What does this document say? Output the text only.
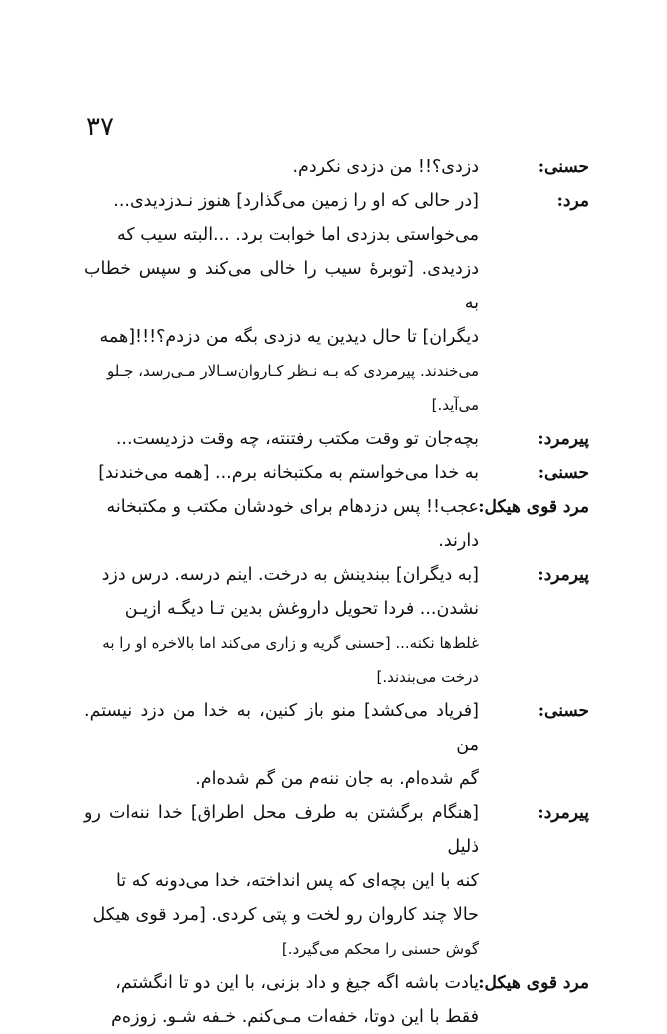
۳۷
حسنی:
دزدی؟!! من دزدی نکردم.
مرد:
[در حالی که او را زمین می‌گذارد] هنوز نـدزدیدی...
می‌خواستی بدزدی اما خوابت برد. ...البته سیب که
دزدیدی. [توبرهٔ سیب را خالی می‌کند و سپس خطاب به
دیگران] تا حال دیدین یه دزدی بگه من دزدم؟!!![همه
می‌خندند. پیرمردی که بـه نـظر کـاروان‌سـالار مـی‌رسد، جـلو
می‌آید.]
پیرمرد:
بچه‌جان تو وقت مکتب رفتنته، چه وقت دزدیست...
حسنی:
به خدا می‌خواستم به مکتبخانه برم... [همه می‌خندند]
مرد قوی هیکل:
عجب!! پس دزدهام برای خودشان مکتب و مکتبخانه
دارند.
پیرمرد:
[به دیگران] ببندینش به درخت. اینم درسه. درس دزد
نشدن... فردا تحویل داروغش بدین تـا دیگـه ازیـن
غلط‌ها نکنه... [حسنی گریه و زاری می‌کند اما بالاخره او را به
درخت می‌بندند.]
حسنی:
[فریاد می‌کشد] منو باز کنین، به خدا من دزد نیستم. من
گم شده‌ام. به جان ننه‌م من گم شده‌ام.
پیرمرد:
[هنگام برگشتن به طرف محل اطراق] خدا ننه‌ات رو ذلیل
کنه با این بچه‌ای که پس انداخته، خدا می‌دونه که تا
حالا چند کاروان رو لخت و پتی کردی. [مرد قوی هیکل
گوش حسنی را محکم می‌گیرد.]
مرد قوی هیکل:
یادت باشه اگه جیغ و داد بزنی، با این دو تا انگشتم،
فقط با این دوتا، خفه‌ات مـی‌کنم. خـفه شـو. زوزه‌م
